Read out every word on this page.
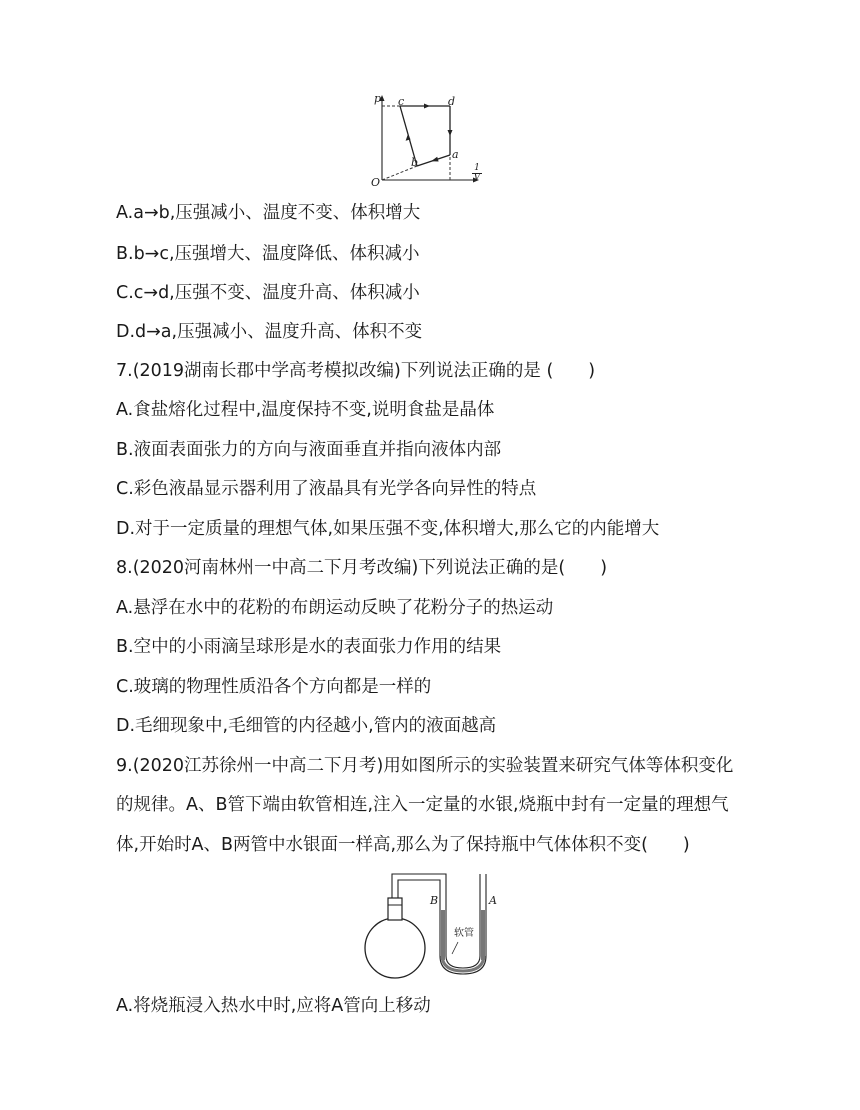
p
O
c	d
a
b
$\frac{1}{V}$
A.a→b,压强减小、温度不变、体积增大
B.b→c,压强增大、温度降低、体积减小
C.c→d,压强不变、温度升高、体积减小
D.d→a,压强减小、温度升高、体积不变
7.(2019湖南长郡中学高考模拟改编)下列说法正确的是 (　　)
A.食盐熔化过程中,温度保持不变,说明食盐是晶体
B.液面表面张力的方向与液面垂直并指向液体内部
C.彩色液晶显示器利用了液晶具有光学各向异性的特点
D.对于一定质量的理想气体,如果压强不变,体积增大,那么它的内能增大
8.(2020河南林州一中高二下月考改编)下列说法正确的是(　　)
A.悬浮在水中的花粉的布朗运动反映了花粉分子的热运动
B.空中的小雨滴呈球形是水的表面张力作用的结果
C.玻璃的物理性质沿各个方向都是一样的
D.毛细现象中,毛细管的内径越小,管内的液面越高
9.(2020江苏徐州一中高二下月考)用如图所示的实验装置来研究气体等体积变化
的规律。A、B管下端由软管相连,注入一定量的水银,烧瓶中封有一定量的理想气
体,开始时A、B两管中水银面一样高,那么为了保持瓶中气体体积不变(　　)
B	A
软管
A.将烧瓶浸入热水中时,应将A管向上移动
